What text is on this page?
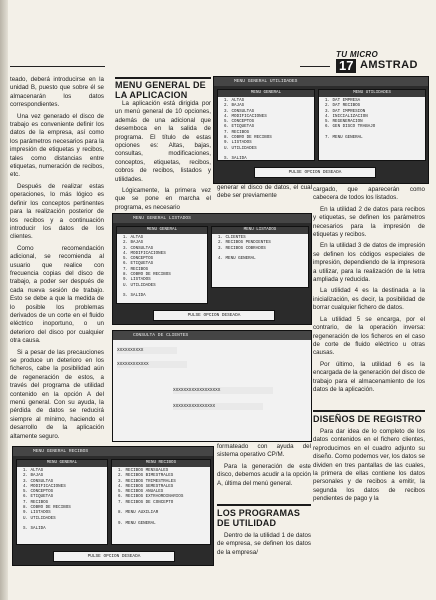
TU MICRO
17 AMSTRAD

teado, deberá introducirse en la unidad B, puesto que sobre él se almacenarán los datos correspondientes.

Una vez generado el disco de trabajo es conveniente definir los datos de la empresa, así como los parámetros necesarios para la impresión de etiquetas y recibos, tales como distancias entre etiquetas, numeración de recibos, etc.

Después de realizar estas operaciones, lo más lógico es definir los conceptos pertinentes para la realización posterior de los recibos y a continuación introducir los datos de los clientes.

Como recomendación adicional, se recomienda al usuario que realice con frecuencia copias del disco de trabajo, a poder ser después de cada nueva sesión de trabajo. Esto se debe a que la medida de lo posible los problemas derivados de un corte en el fluido eléctrico inoportuno, o un deterioro del disco por cualquier otra causa.

Si a pesar de las precauciones se produce un deterioro en los ficheros, cabe la posibilidad aún de regeneración de estos, a través del programa de utilidad contenido en la opción A del menú general. Con su ayuda, la pérdida de datos se reducirá siempre al mínimo, haciendo el desarrollo de la aplicación altamente seguro.

MENU GENERAL DE LA APLICACION

La aplicación está dirigida por un menú general de 10 opciones, además de una adicional que desemboca en la salida de programa. El título de estas opciones es: Altas, bajas, consultas, modificaciones, conceptos, etiquetas, recibos, cobros de recibos, listados y utilidades.

Lógicamente, la primera vez que se pone en marcha el programa, es necesario

MENU GENERAL UTILIDADES
MENU GENERAL
1. ALTAS
2. BAJAS
3. CONSULTAS
4. MODIFICACIONES
5. CONCEPTOS
6. ETIQUETAS
7. RECIBOS
8. COBRO DE RECIBOS
9. LISTADOS
U. UTILIDADES

S. SALIDA
MENU UTILIDADES
1. DAT EMPRESA
2. DAT RECIBOS
3. DAT IMPRESION
4. INICIALIZACION
5. REGENERACION
6. GEN DISCO TRABAJO

7. MENU GENERAL
PULSE OPCION DESEADA

generar el disco de datos, el cual debe ser previamente

MENU GENERAL LISTADOS
MENU GENERAL
1. ALTAS
2. BAJAS
3. CONSULTAS
4. MODIFICACIONES
5. CONCEPTOS
6. ETIQUETAS
7. RECIBOS
8. COBRO DE RECIBOS
9. LISTADOS
U. UTILIDADES

S. SALIDA
MENU LISTADOS
1. CLIENTES
2. RECIBOS PENDIENTES
3. RECIBOS COBRADOS

4. MENU GENERAL
PULSE OPCION DESEADA

cargado, que aparecerán como cabecera de todos los listados.

En la utilidad 2 de datos para recibos y etiquetas, se definen los parámetros necesarios para la impresión de etiquetas y recibos.

En la utilidad 3 de datos de impresión se definen los códigos especiales de impresión, dependiendo de la impresora a utilizar, para la realización de la letra ampliada y reducida.

La utilidad 4 es la destinada a la inicialización, es decir, la posibilidad de borrar cualquier fichero de datos.

La utilidad 5 se encarga, por el contrario, de la operación inversa: regeneración de los ficheros en el caso de corte de fluido eléctrico u otras causas.

Por último, la utilidad 6 es la encargada de la generación del disco de trabajo para el almacenamiento de los datos de la aplicación.

CONSULTA DE CLIENTES
XXXXXXXXXX
XXXXXXXXXXXX
XXXXXXXXXXXXXXXXXX
XXXXXXXXXXXXXXXX

formateado con ayuda del sistema operativo CP/M.

Para la generación de este disco, debemos acudir a la opción A, última del menú general.

DISEÑOS DE REGISTRO

Para dar idea de lo completo de los datos contenidos en el fichero clientes, reproducimos en el cuadro adjunto su diseño. Como podemos ver, los datos se dividen en tres pantallas de las cuales, la primera de ellas contiene los datos personales y de recibos a emitir, la segunda los datos de recibos pendientes de pago y la

MENU GENERAL RECIBOS
MENU GENERAL
1. ALTAS
2. BAJAS
3. CONSULTAS
4. MODIFICACIONES
5. CONCEPTOS
6. ETIQUETAS
7. RECIBOS
8. COBRO DE RECIBOS
9. LISTADOS
U. UTILIDADES

S. SALIDA
MENU RECIBOS
1. RECIBOS MENSUALES
2. RECIBOS BIMESTRALES
3. RECIBOS TRIMESTRALES
4. RECIBOS SEMESTRALES
5. RECIBOS ANUALES
6. RECIBOS EXTRAORDINARIOS
7. RECIBOS DE CONCEPTO

8. MENU AUXILIAR

9. MENU GENERAL
PULSE OPCION DESEADA
LOS PROGRAMAS DE UTILIDAD

Dentro de la utilidad 1 de datos de empresa, se definen los datos de la empresa/
